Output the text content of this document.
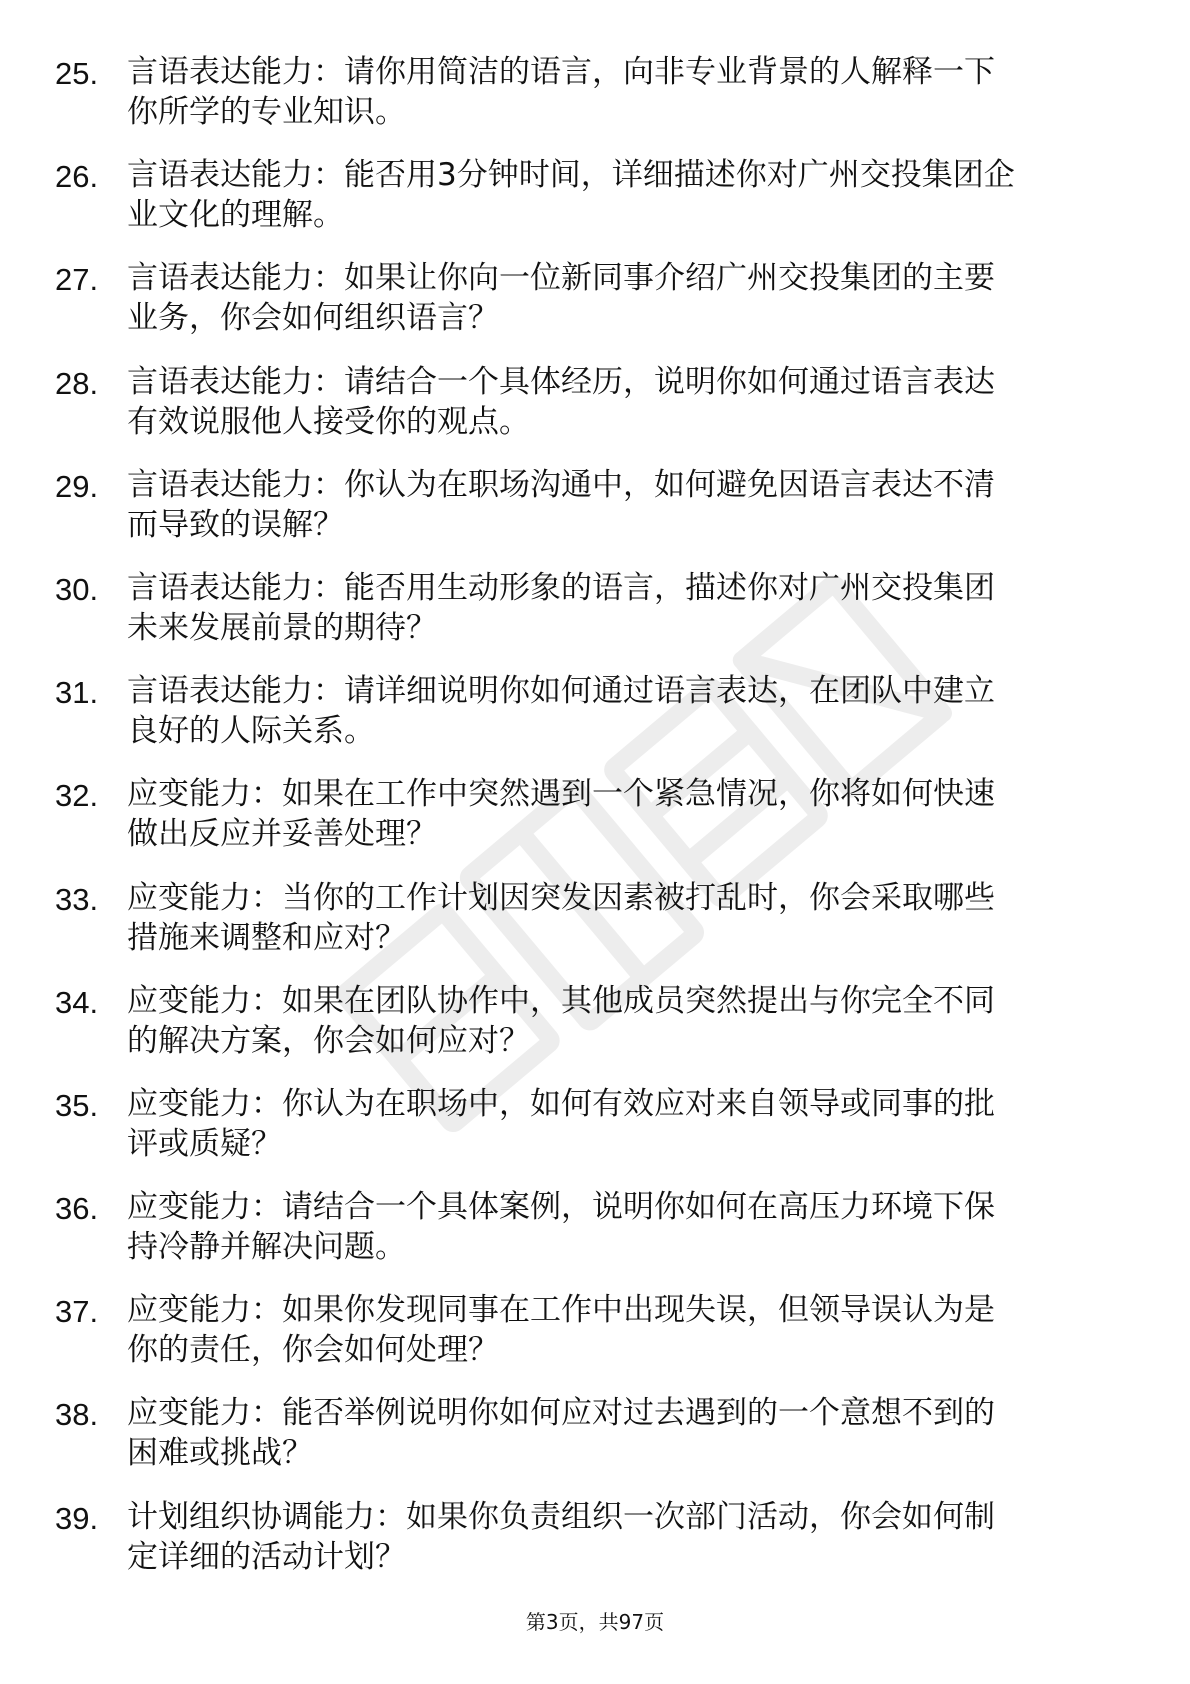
25. 言语表达能力：请你用简洁的语言，向非专业背景的人解释一下
你所学的专业知识。

26. 言语表达能力：能否用3分钟时间，详细描述你对广州交投集团企
业文化的理解。

27. 言语表达能力：如果让你向一位新同事介绍广州交投集团的主要
业务，你会如何组织语言？

28. 言语表达能力：请结合一个具体经历，说明你如何通过语言表达
有效说服他人接受你的观点。

29. 言语表达能力：你认为在职场沟通中，如何避免因语言表达不清
而导致的误解？

30. 言语表达能力：能否用生动形象的语言，描述你对广州交投集团
未来发展前景的期待？

31. 言语表达能力：请详细说明你如何通过语言表达，在团队中建立
良好的人际关系。

32. 应变能力：如果在工作中突然遇到一个紧急情况，你将如何快速
做出反应并妥善处理？

33. 应变能力：当你的工作计划因突发因素被打乱时，你会采取哪些
措施来调整和应对？

34. 应变能力：如果在团队协作中，其他成员突然提出与你完全不同
的解决方案，你会如何应对？

35. 应变能力：你认为在职场中，如何有效应对来自领导或同事的批
评或质疑？

36. 应变能力：请结合一个具体案例，说明你如何在高压力环境下保
持冷静并解决问题。

37. 应变能力：如果你发现同事在工作中出现失误，但领导误认为是
你的责任，你会如何处理？

38. 应变能力：能否举例说明你如何应对过去遇到的一个意想不到的
困难或挑战？

39. 计划组织协调能力：如果你负责组织一次部门活动，你会如何制
定详细的活动计划？

第3页，共97页
